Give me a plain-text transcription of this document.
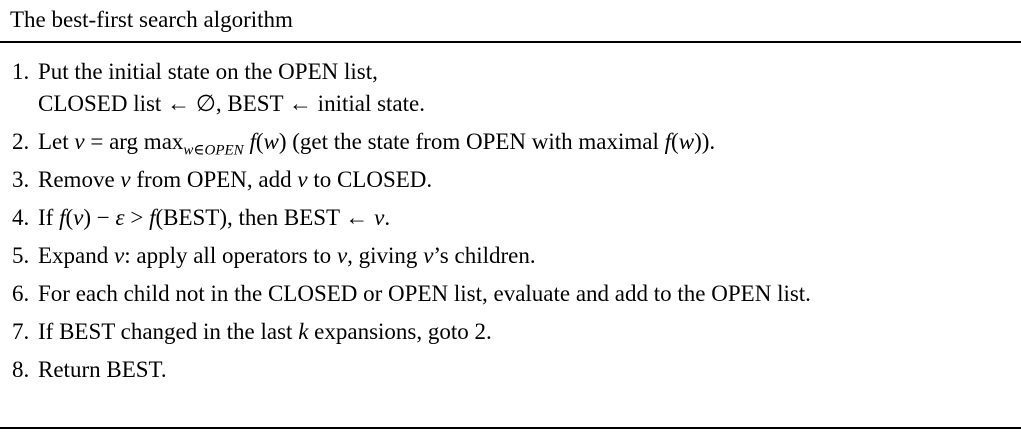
The best-first search algorithm
1. Put the initial state on the OPEN list,
CLOSED list ← ∅, BEST ← initial state.
2. Let v = arg $\max_{w\in OPEN} f(w)$ (get the state from OPEN with maximal f(w)).
3. Remove v from OPEN, add v to CLOSED.
4. If f(v) − ε > f(BEST), then BEST ← v.
5. Expand v: apply all operators to v, giving v’s children.
6. For each child not in the CLOSED or OPEN list, evaluate and add to the OPEN list.
7. If BEST changed in the last k expansions, goto 2.
8. Return BEST.
